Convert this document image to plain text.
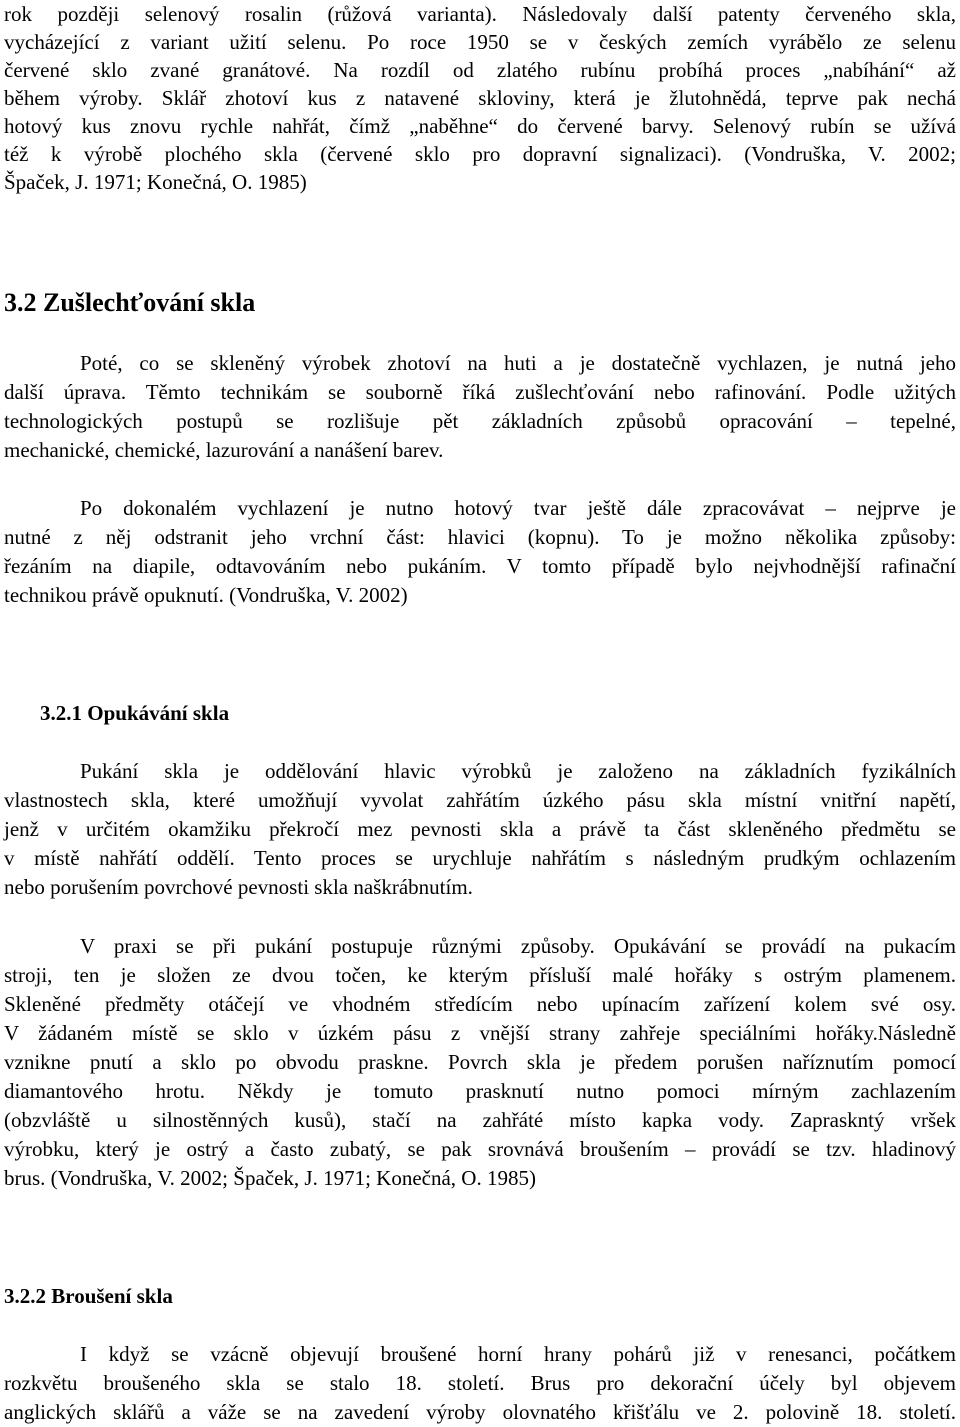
rok později selenový rosalin (růžová varianta). Následovaly další patenty červeného skla,

vycházející z variant užití selenu. Po roce 1950 se v českých zemích vyrábělo ze selenu

červené sklo zvané granátové. Na rozdíl od zlatého rubínu probíhá proces „nabíhání“ až

během výroby. Sklář zhotoví kus z natavené skloviny, která je žlutohnědá, teprve pak nechá

hotový kus znovu rychle nahřát, čímž „naběhne“ do červené barvy. Selenový rubín se užívá

též k výrobě plochého skla (červené sklo pro dopravní signalizaci). (Vondruška, V. 2002;

Špaček, J. 1971; Konečná, O. 1985)

3.2 Zušlechťování skla

Poté, co se skleněný výrobek zhotoví na huti a je dostatečně vychlazen, je nutná jeho

další úprava. Těmto technikám se souborně říká zušlechťování nebo rafinování. Podle užitých

technologických postupů se rozlišuje pět základních způsobů opracování – tepelné,

mechanické, chemické, lazurování a nanášení barev.

Po dokonalém vychlazení je nutno hotový tvar ještě dále zpracovávat – nejprve je

nutné z něj odstranit jeho vrchní část: hlavici (kopnu). To je možno několika způsoby:

řezáním na diapile, odtavováním nebo pukáním. V tomto případě bylo nejvhodnější rafinační

technikou právě opuknutí. (Vondruška, V. 2002)

3.2.1 Opukávání skla

Pukání skla je oddělování hlavic výrobků je založeno na základních fyzikálních

vlastnostech skla, které umožňují vyvolat zahřátím úzkého pásu skla místní vnitřní napětí,

jenž v určitém okamžiku překročí mez pevnosti skla a právě ta část skleněného předmětu se

v místě nahřátí oddělí. Tento proces se urychluje nahřátím s následným prudkým ochlazením

nebo porušením povrchové pevnosti skla naškrábnutím.

V praxi se při pukání postupuje různými způsoby. Opukávání se provádí na pukacím

stroji, ten je složen ze dvou točen, ke kterým přísluší malé hořáky s ostrým plamenem.

Skleněné předměty otáčejí ve vhodném středícím nebo upínacím zařízení kolem své osy.

V žádaném místě se sklo v úzkém pásu z vnější strany zahřeje speciálními hořáky.Následně

vznikne pnutí a sklo po obvodu praskne. Povrch skla je předem porušen naříznutím pomocí

diamantového hrotu. Někdy je tomuto prasknutí nutno pomoci mírným zachlazením

(obzvláště u silnostěnných kusů), stačí na zahřáté místo kapka vody. Zapraskntý vršek

výrobku, který je ostrý a často zubatý, se pak srovnává broušením – provádí se tzv. hladinový

brus. (Vondruška, V. 2002; Špaček, J. 1971; Konečná, O. 1985)

3.2.2 Broušení skla

I když se vzácně objevují broušené horní hrany pohárů již v renesanci, počátkem

rozkvětu broušeného skla se stalo 18. století. Brus pro dekorační účely byl objevem

anglických sklářů a váže se na zavedení výroby olovnatého křišťálu ve 2. polovině 18. století.
